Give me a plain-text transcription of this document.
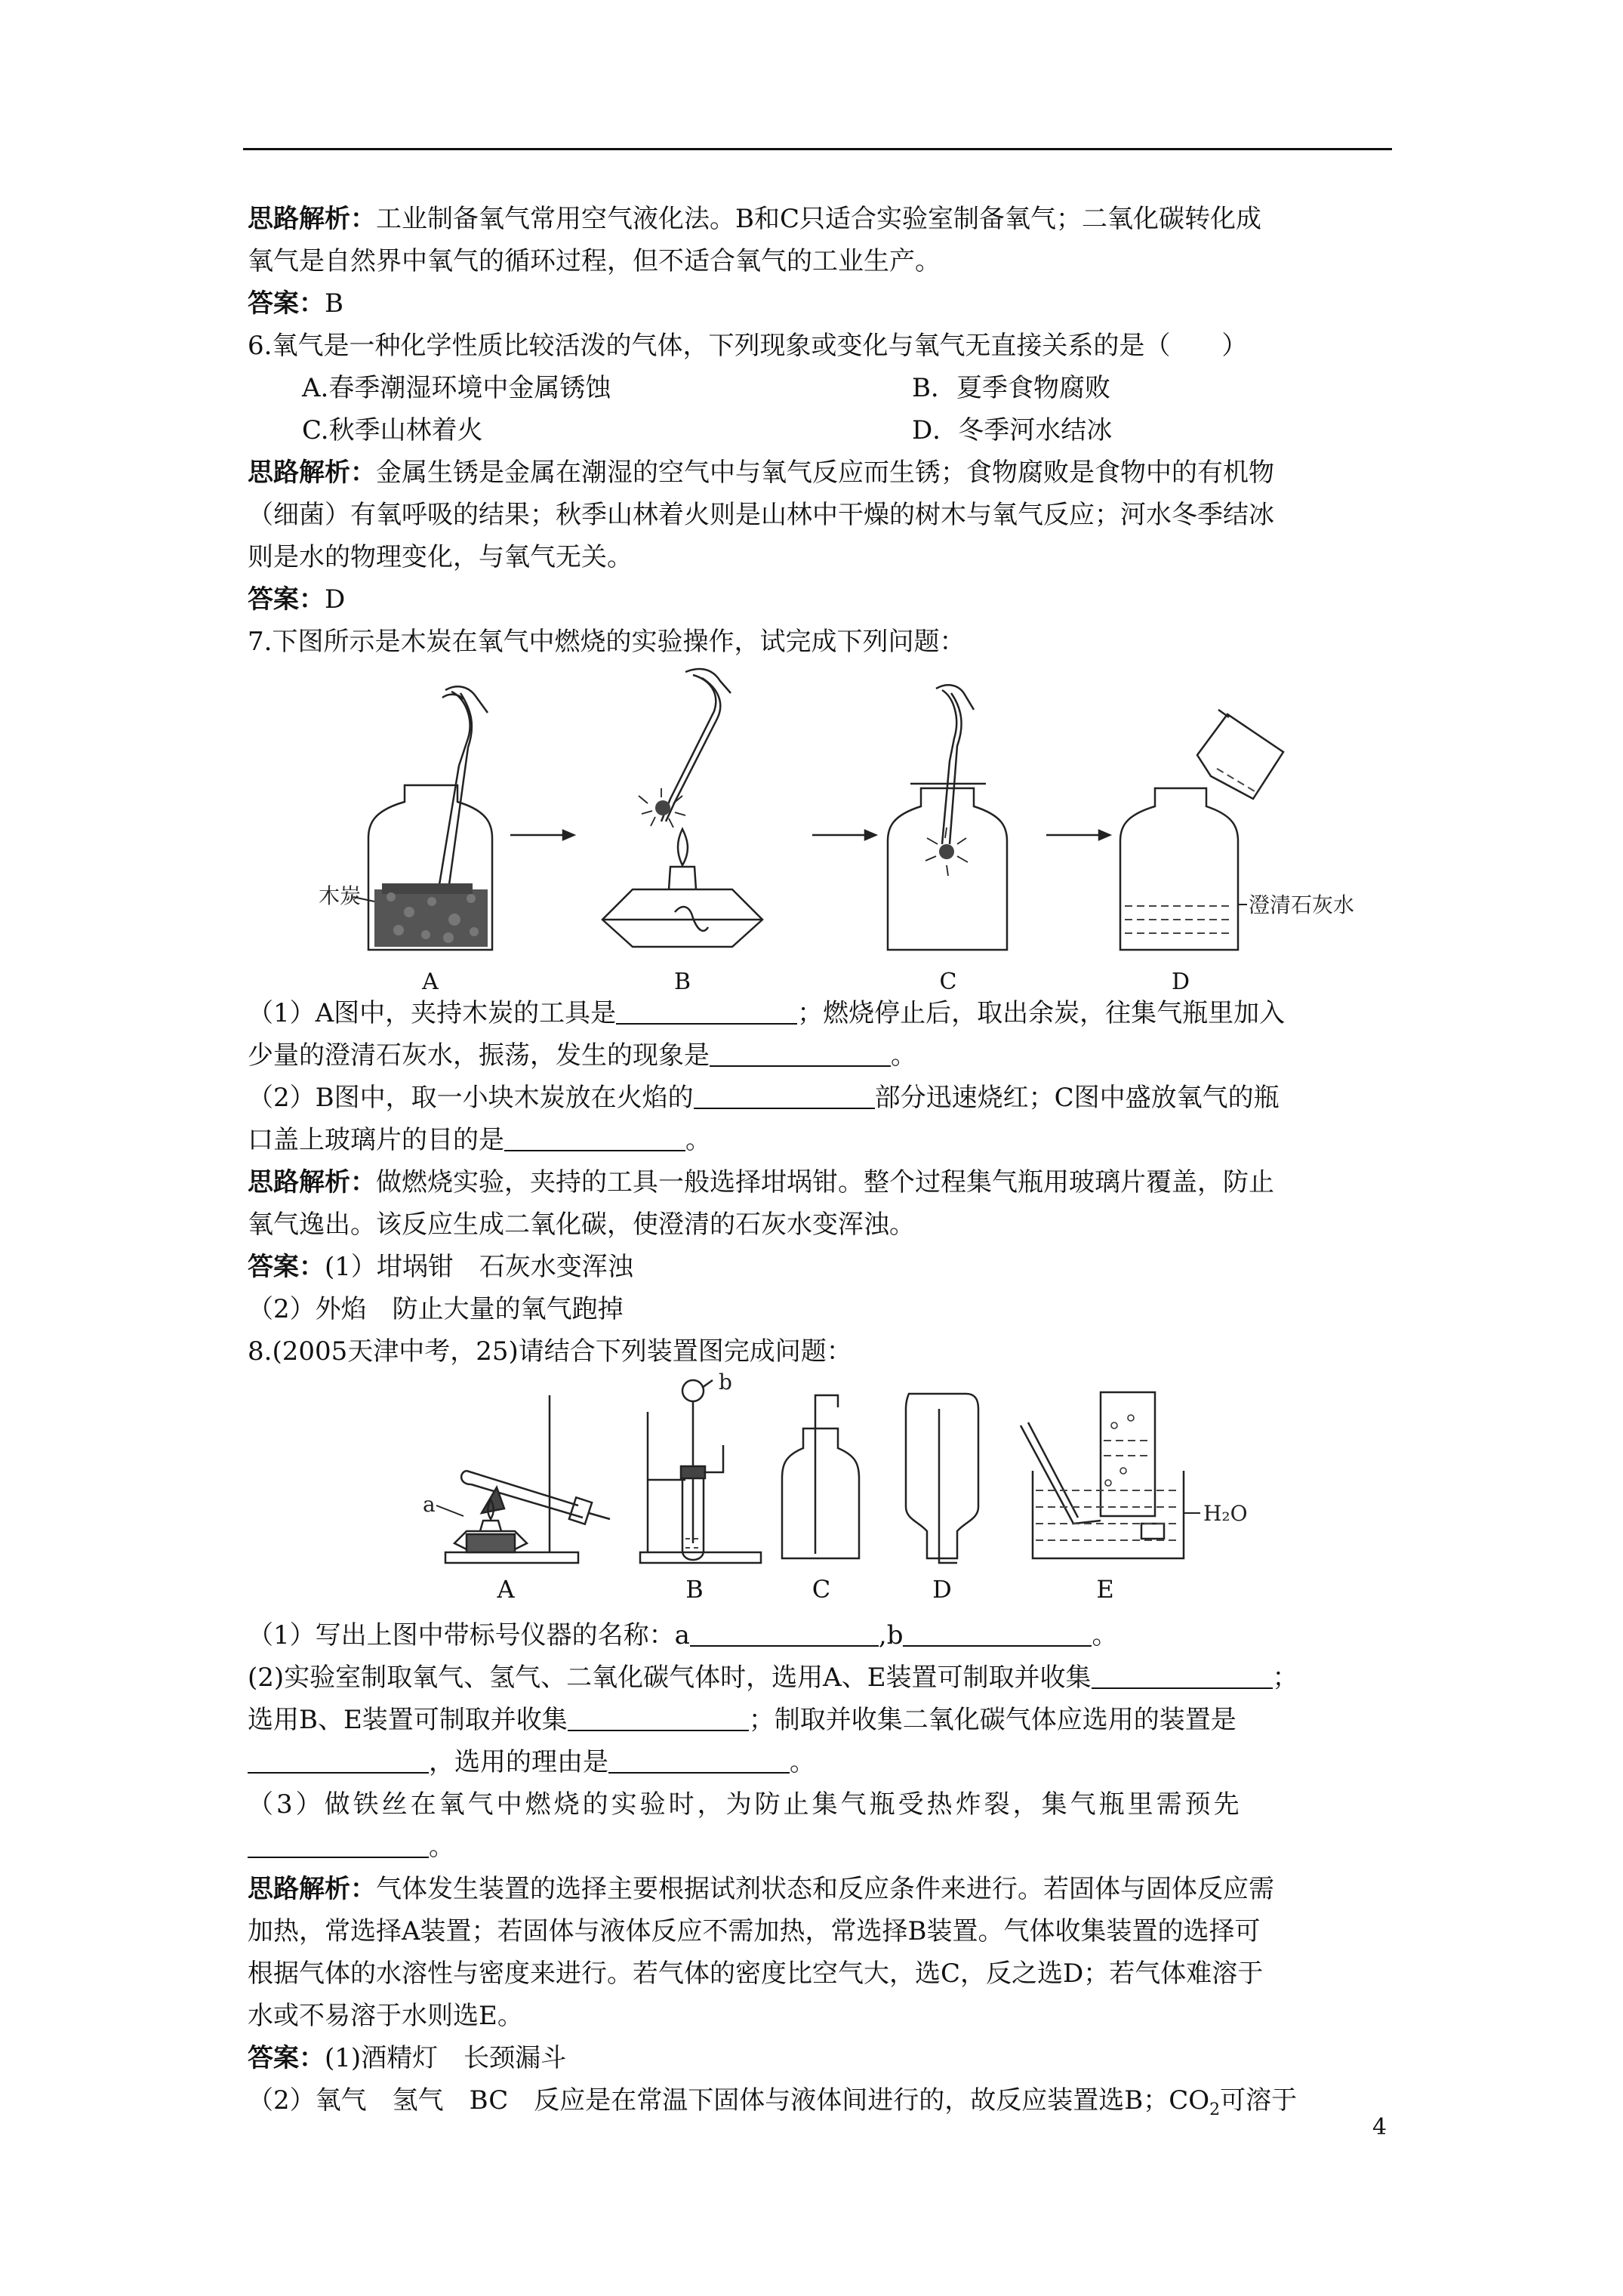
思路解析：工业制备氧气常用空气液化法。B和C只适合实验室制备氧气；二氧化碳转化成
氧气是自然界中氧气的循环过程，但不适合氧气的工业生产。
答案：B
6.氧气是一种化学性质比较活泼的气体，下列现象或变化与氧气无直接关系的是（　　）
A.春季潮湿环境中金属锈蚀	B．夏季食物腐败
C.秋季山林着火	D．冬季河水结冰
思路解析：金属生锈是金属在潮湿的空气中与氧气反应而生锈；食物腐败是食物中的有机物
（细菌）有氧呼吸的结果；秋季山林着火则是山林中干燥的树木与氧气反应；河水冬季结冰
则是水的物理变化，与氧气无关。
答案：D
7.下图所示是木炭在氧气中燃烧的实验操作，试完成下列问题：
木炭	澄清石灰水
A	B	C	D
（1）A图中，夹持木炭的工具是	；燃烧停止后，取出余炭，往集气瓶里加入
少量的澄清石灰水，振荡，发生的现象是	。
（2）B图中，取一小块木炭放在火焰的	部分迅速烧红；C图中盛放氧气的瓶
口盖上玻璃片的目的是	。
思路解析：做燃烧实验，夹持的工具一般选择坩埚钳。整个过程集气瓶用玻璃片覆盖，防止
氧气逸出。该反应生成二氧化碳，使澄清的石灰水变浑浊。
答案：(1）坩埚钳　石灰水变浑浊
（2）外焰　防止大量的氧气跑掉
8.(2005天津中考，25)请结合下列装置图完成问题：
a
b
H₂O
A	B	C	D	E
（1）写出上图中带标号仪器的名称：a	,b	。
(2)实验室制取氧气、氢气、二氧化碳气体时，选用A、E装置可制取并收集	；
选用B、E装置可制取并收集	；制取并收集二氧化碳气体应选用的装置是
，选用的理由是	。
（3）做铁丝在氧气中燃烧的实验时，为防止集气瓶受热炸裂，集气瓶里需预先
。
思路解析：气体发生装置的选择主要根据试剂状态和反应条件来进行。若固体与固体反应需
加热，常选择A装置；若固体与液体反应不需加热，常选择B装置。气体收集装置的选择可
根据气体的水溶性与密度来进行。若气体的密度比空气大，选C，反之选D；若气体难溶于
水或不易溶于水则选E。
答案：(1)酒精灯　长颈漏斗
（2）氧气　氢气　BC　反应是在常温下固体与液体间进行的，故反应装置选B；$CO_2$可溶于
4
